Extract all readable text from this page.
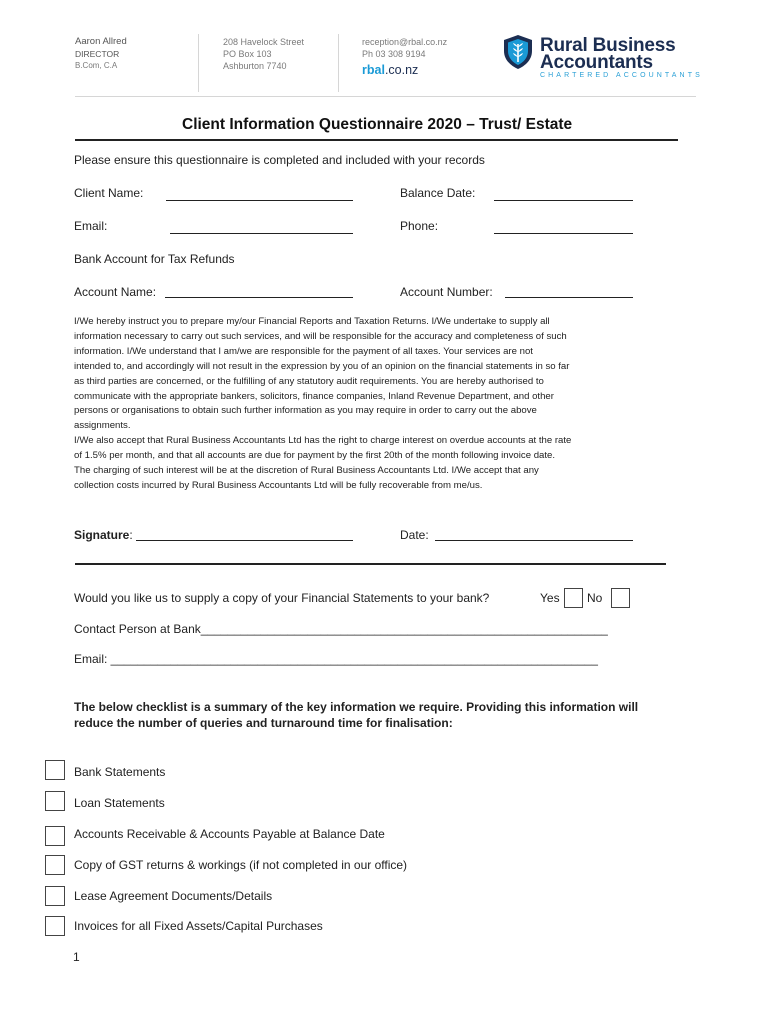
Aaron Allred
DIRECTOR
B.Com, C.A
208 Havelock Street
PO Box 103
Ashburton 7740
reception@rbal.co.nz
Ph 03 308 9194
rbal.co.nz
Rural Business
Accountants
CHARTERED ACCOUNTANTS
Client Information Questionnaire 2020 – Trust/ Estate
Please ensure this questionnaire is completed and included with your records
Client Name:	Balance Date:
Email:	Phone:
Bank Account for Tax Refunds
Account Name:	Account Number:
I/We hereby instruct you to prepare my/our Financial Reports and Taxation Returns. I/We undertake to supply all
information necessary to carry out such services, and will be responsible for the accuracy and completeness of such
information. I/We understand that I am/we are responsible for the payment of all taxes. Your services are not
intended to, and accordingly will not result in the expression by you of an opinion on the financial statements in so far
as third parties are concerned, or the fulfilling of any statutory audit requirements. You are hereby authorised to
communicate with the appropriate bankers, solicitors, finance companies, Inland Revenue Department, and other
persons or organisations to obtain such further information as you may require in order to carry out the above
assignments.
I/We also accept that Rural Business Accountants Ltd has the right to charge interest on overdue accounts at the rate
of 1.5% per month, and that all accounts are due for payment by the first 20th of the month following invoice date.
The charging of such interest will be at the discretion of Rural Business Accountants Ltd. I/We accept that any
collection costs incurred by Rural Business Accountants Ltd will be fully recoverable from me/us.
Signature:	Date:
Would you like us to supply a copy of your Financial Statements to your bank?	Yes No
Contact Person at Bank_____________________________________________________________
Email: _________________________________________________________________________
The below checklist is a summary of the key information we require. Providing this information will
reduce the number of queries and turnaround time for finalisation:
Bank Statements
Loan Statements
Accounts Receivable & Accounts Payable at Balance Date
Copy of GST returns & workings (if not completed in our office)
Lease Agreement Documents/Details
Invoices for all Fixed Assets/Capital Purchases
1
